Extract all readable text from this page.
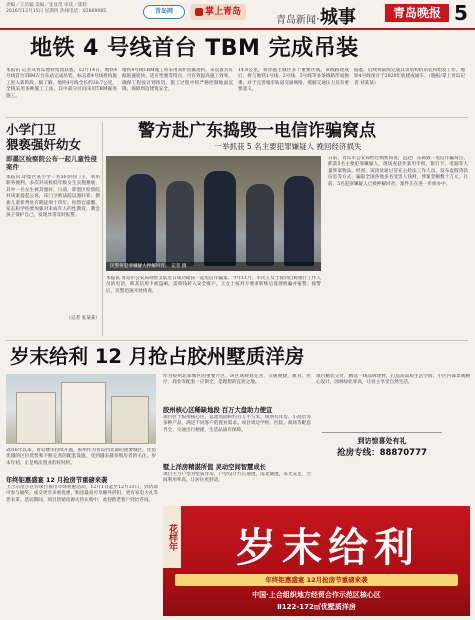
责编／王浩翰 美编／张显茂 审读／邵辉
2016年12月15日 星期四 热线电话：82869085	青岛网	掌上青岛
青岛新闻·城事	青岛晚报 5
地铁 4 号线首台 TBM 完成吊装

本报讯 记者从青岛地铁集团获悉，12月14日，地铁4号线首台TBM在台东站完成吊装，标志着4号线盾构施工进入新阶段。据了解，地铁4号线全长约30.7公里，全线采用多种施工工法，其中部分区间采用TBM掘进施工。

地铁4号线TBM施工将采用双护盾掘进机，该设备具有掘进速度快、适应性强等特点，可有效提高施工效率，确保工程按计划推进。施工过程中将严格控制地面沉降，保障周边建筑安全。

14.8公里，将穿越主城区多个重要区域。该线路建成后，将与地铁1号线、2号线、3号线等多条线路形成换乘，对于完善城市轨道交通网络、缓解交通压力具有重要意义。

据悉，后续将陆续完成其余盾构机吊装和始发工作，地铁4号线预计于2020年底建成通车。（晚报/掌上青岛记者 刘某某）

小学门卫
猥亵强奸幼女
即墨区检察院公布一起儿童性侵案件

本报讯 即墨区某小学一名56岁的门卫，利用职务便利，多次对该校低年级女生实施猥亵，其中一名女生被其强奸。日前，即墨区检察院对该案提起公诉，该门卫被法院以强奸罪、猥亵儿童罪判处有期徒刑十四年。检察官提醒，家长和学校要加强对未成年人的性教育，教会孩子保护自己，发现异常及时报警。

（记者 张某某）
警方赴广东捣毁一电信诈骗窝点
一举抓获 5 名主要犯罪嫌疑人 挽回经济损失
民警将犯罪嫌疑人押解回青。 记者 摄

日前，青岛市公安局经过缜密侦查，远赴广东捣毁一电信诈骗窝点，抓获5名主要犯罪嫌疑人，现场查获作案用手机、银行卡、电脑等大量涉案物品。经查，该团伙通过冒充公检法工作人员、发布虚假贷款信息等方式，骗取全国各地多名受害人钱财，涉案金额数十万元。目前，5名犯罪嫌疑人已被押解回青，案件正在进一步侦办中。

本报讯 青岛市公安局刑警支队近日成功破获一起电信诈骗案。今年11月，市民王女士接到自称银行工作人员的电话，称其信用卡被盗刷，需将钱转入安全账户，王女士按对方要求转账后发现被骗并报警。接警后，民警迅速开展侦查。

岁末给利 12 月抢占胶州墅质洋房

2016年以来，青岛楼市持续升温，胶州作为青岛西北部的重要城区，凭借优越的区位优势和不断完善的配套设施，受到越来越多购房者的关注。岁末年初，正是购房置业的好时机。

年终钜惠盛宴 12 月抢房节重磅来袭

上合示范小区旁项目推出年终钜惠活动，12月1日起至12月31日，到访即可参与抽奖，成交更享多重优惠，购房最高可享额外折扣，更有家电大礼等您来拿。活动期间，项目热销房源火热认购中，欢迎新老客户到访咨询。

作为胶州北部城区的重要片区，该区域规划完善，交通便捷，教育、医疗、商业等配套一应俱全，是理想的宜居之地。

胶州核心区稀缺地段 百万大盘助力便宜

项目位于胶州核心区，总建筑面积约百万平方米，规划有洋房、小高层等多种产品，满足不同客户的置业需求。项目周边学校、医院、商场等配套齐全，交通出行便捷，生活品质有保障。

墅上洋房精湛所值 灵动空间智慧成长

项目主力户型为墅质洋房，户型设计方正通透，南北通透，采光充足，空间利用率高，让居住更舒适。

项目精装交付，精选一线品牌建材，打造高品质生活空间。小区内部景观精心设计，园林绿化率高，让业主享受自然生活。

到访惊喜处有礼
抢房专线：88870777
花样年	岁末给利
年终钜惠盛宴 12月抢房节重磅来袭
中国·上合组织地方经贸合作示范区核心区
Ⅱ122-172㎡优墅质洋房
